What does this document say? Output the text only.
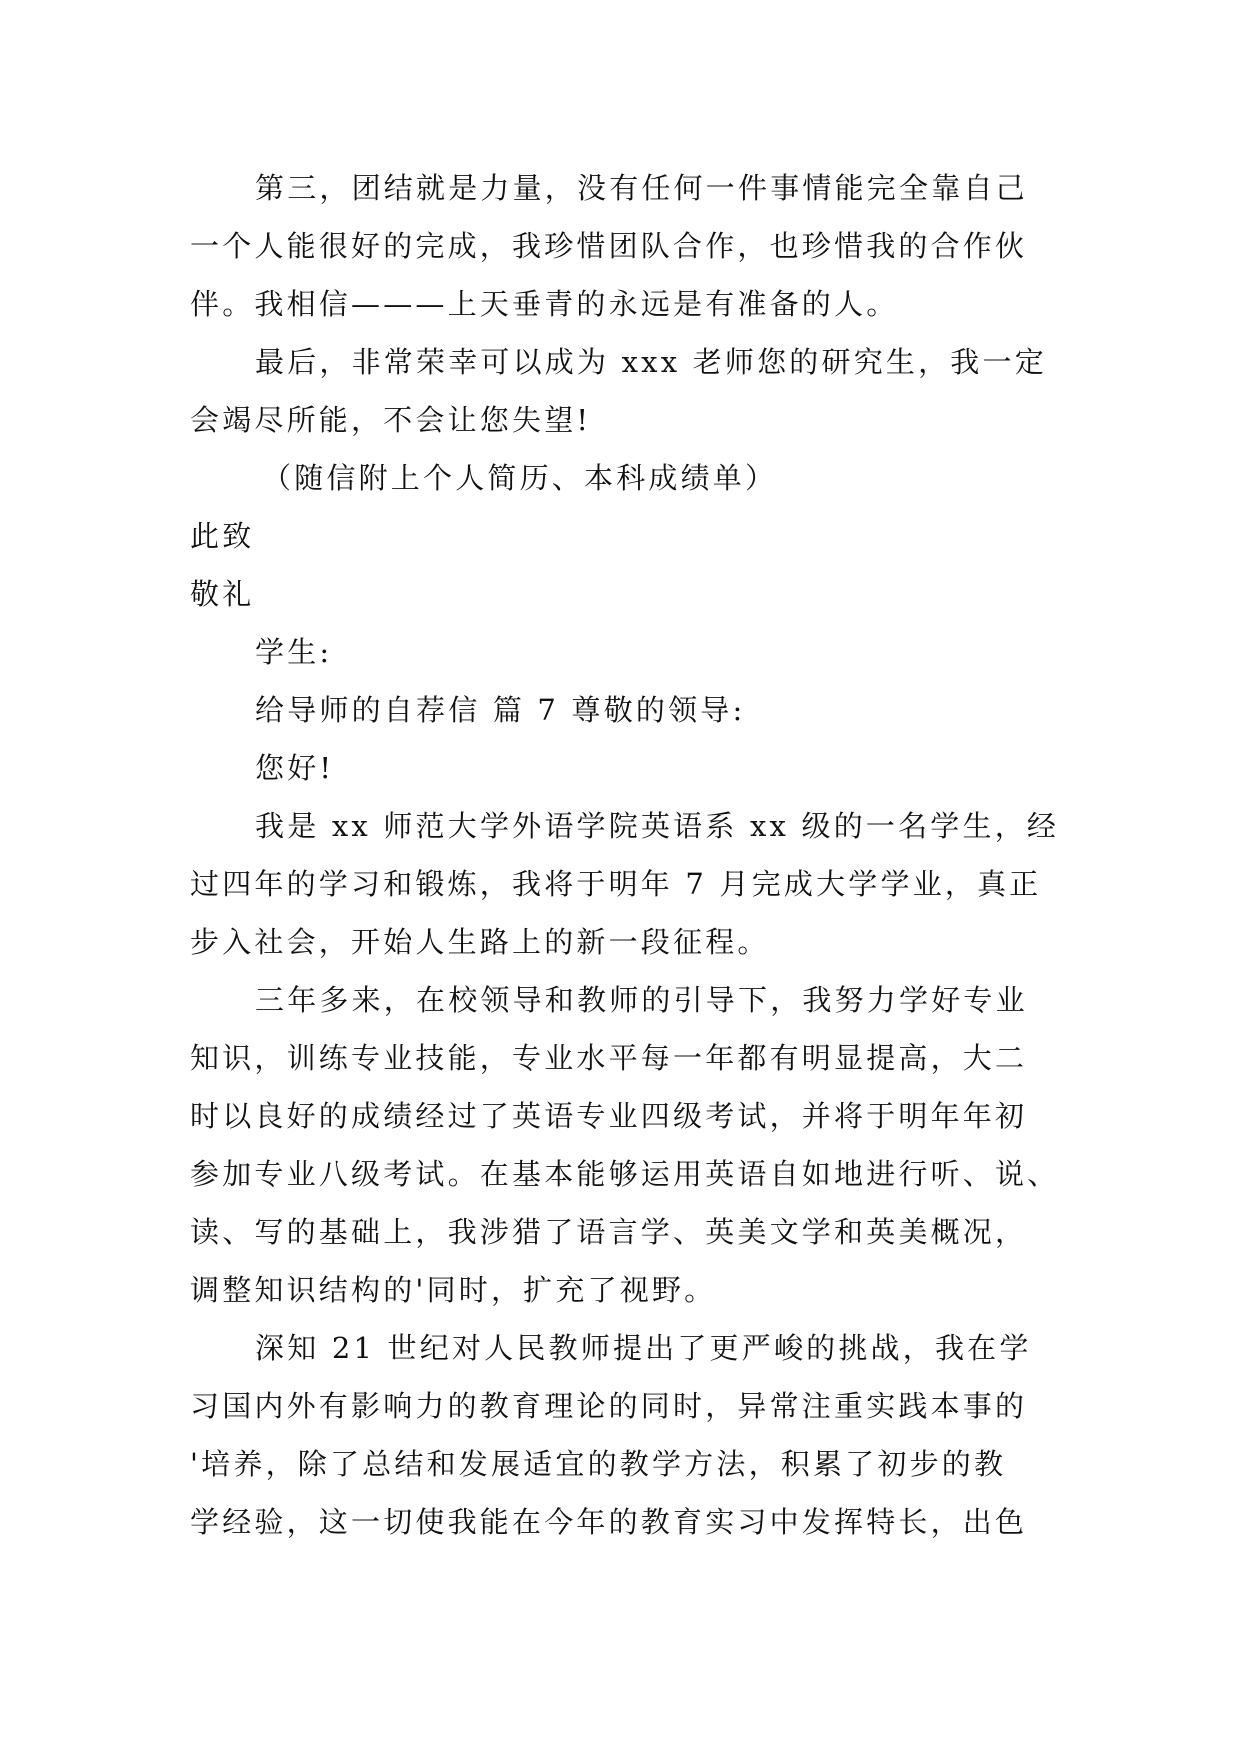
第三，团结就是力量，没有任何一件事情能完全靠自己

一个人能很好的完成，我珍惜团队合作，也珍惜我的合作伙

伴。我相信———上天垂青的永远是有准备的人。

最后，非常荣幸可以成为 xxx 老师您的研究生，我一定

会竭尽所能，不会让您失望!

（随信附上个人简历、本科成绩单）

此致

敬礼

学生:

给导师的自荐信 篇 7 尊敬的领导:

您好!

我是 xx 师范大学外语学院英语系 xx 级的一名学生，经

过四年的学习和锻炼，我将于明年 7 月完成大学学业，真正

步入社会，开始人生路上的新一段征程。

三年多来，在校领导和教师的引导下，我努力学好专业

知识，训练专业技能，专业水平每一年都有明显提高，大二

时以良好的成绩经过了英语专业四级考试，并将于明年年初

参加专业八级考试。在基本能够运用英语自如地进行听、说、

读、写的基础上，我涉猎了语言学、英美文学和英美概况，

调整知识结构的'同时，扩充了视野。

深知 21 世纪对人民教师提出了更严峻的挑战，我在学

习国内外有影响力的教育理论的同时，异常注重实践本事的

'培养，除了总结和发展适宜的教学方法，积累了初步的教

学经验，这一切使我能在今年的教育实习中发挥特长，出色
